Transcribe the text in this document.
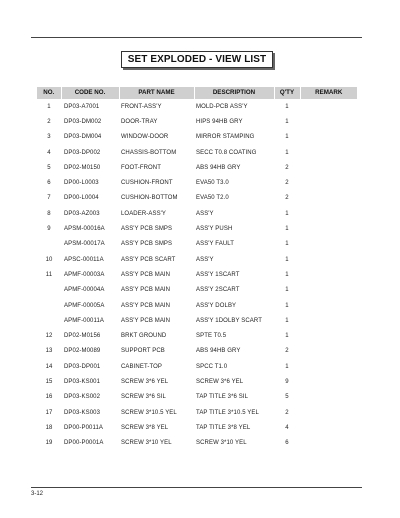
SET EXPLODED - VIEW LIST
NO.	CODE NO.	PART NAME	DESCRIPTION	Q'TY	REMARK
1	DP03-A7001	FRONT-ASS'Y	MOLD-PCB ASS'Y	1	
2	DP03-DM002	DOOR-TRAY	HIPS 94HB GRY	1	
3	DP03-DM004	WINDOW-DOOR	MIRROR STAMPING	1	
4	DP03-DP002	CHASSIS-BOTTOM	SECC T0.8 COATING	1	
5	DP02-M0150	FOOT-FRONT	ABS 94HB GRY	2	
6	DP00-L0003	CUSHION-FRONT	EVA50 T3.0	2	
7	DP00-L0004	CUSHION-BOTTOM	EVA50 T2.0	2	
8	DP03-AZ003	LOADER-ASS'Y	ASS'Y	1	
9	APSM-00016A	ASS'Y PCB SMPS	ASS'Y PUSH	1	
	APSM-00017A	ASS'Y PCB SMPS	ASS'Y FAULT	1	
10	APSC-00011A	ASS'Y PCB SCART	ASS'Y	1	
11	APMF-00003A	ASS'Y PCB MAIN	ASS'Y 1SCART	1	
	APMF-00004A	ASS'Y PCB MAIN	ASS'Y 2SCART	1	
	APMF-00005A	ASS'Y PCB MAIN	ASS'Y DOLBY	1	
	APMF-00011A	ASS'Y PCB MAIN	ASS'Y 1DOLBY SCART	1	
12	DP02-M0156	BRKT GROUND	SPTE T0.5	1	
13	DP02-M0089	SUPPORT PCB	ABS 94HB GRY	2	
14	DP03-DP001	CABINET-TOP	SPCC T1.0	1	
15	DP03-KS001	SCREW 3*6 YEL	SCREW 3*6 YEL	9	
16	DP03-KS002	SCREW 3*6 SIL	TAP TITLE 3*6 SIL	5	
17	DP03-KS003	SCREW 3*10.5 YEL	TAP TITLE 3*10.5 YEL	2	
18	DP00-P0011A	SCREW 3*8 YEL	TAP TITLE 3*8 YEL	4	
19	DP00-P0001A	SCREW 3*10 YEL	SCREW 3*10 YEL	6	
3-12
